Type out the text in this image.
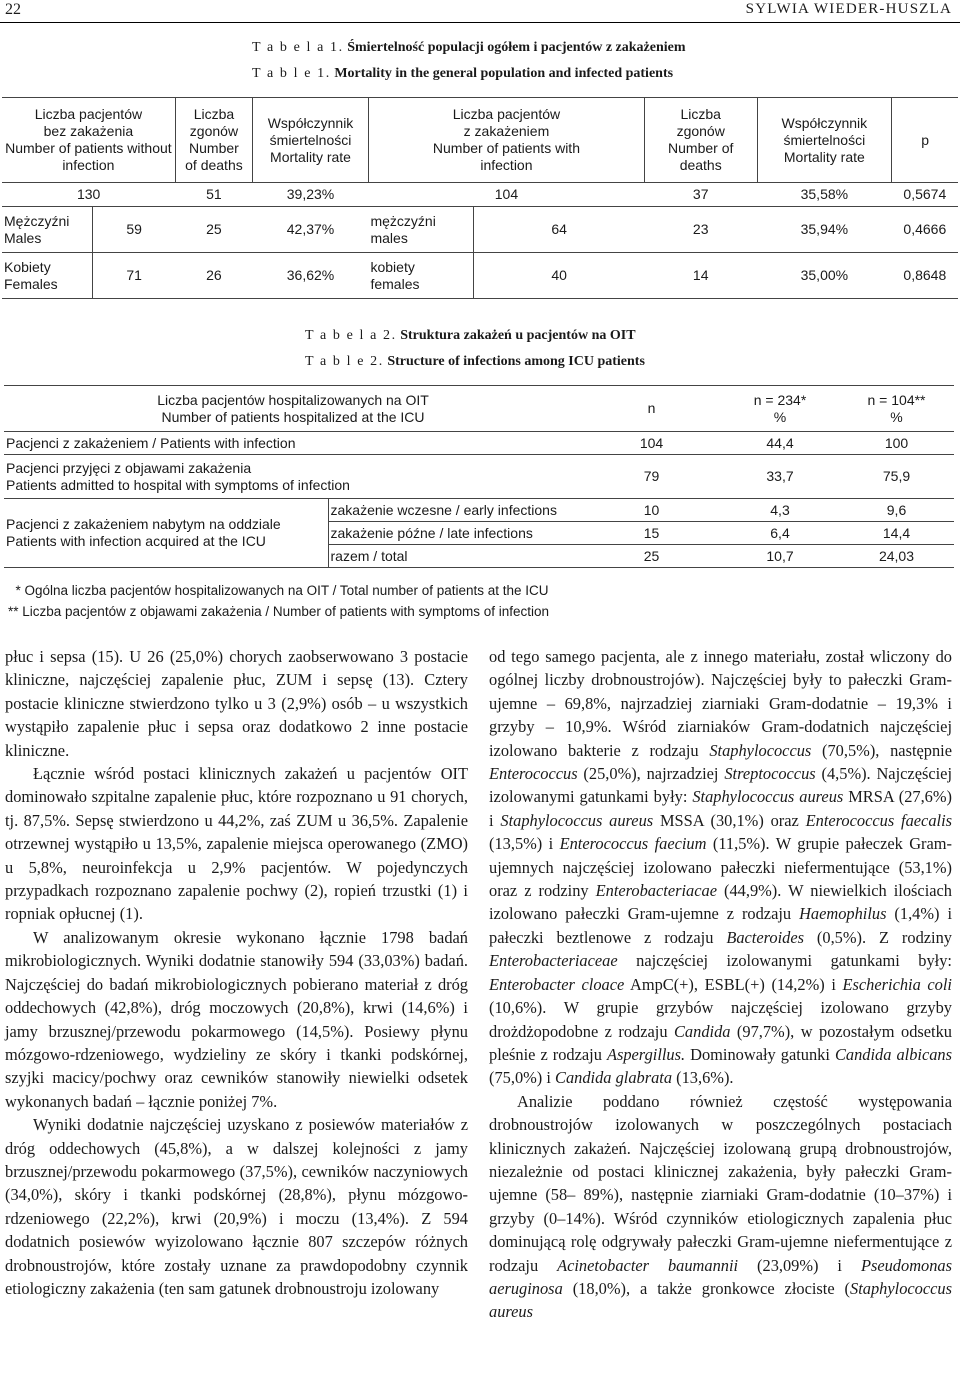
22	SYLWIA WIEDER-HUSZLA
T a b e l a 1. Śmiertelność populacji ogółem i pacjentów z zakażeniem
T a b l e 1. Mortality in the general population and infected patients
Liczba pacjentów
bez zakażenia
Number of patients without
infection		Liczba
zgonów
Number
of deaths	Współczynnik
śmiertelności
Mortality rate	Liczba pacjentów
z zakażeniem
Number of patients with
infection		Liczba
zgonów
Number of
deaths	Współczynnik
śmiertelności
Mortality rate	p
130		51	39,23%	104		37	35,58%	0,5674
Mężczyźni
Males	59	25	42,37%	mężczyźni
males	64	23	35,94%	0,4666
Kobiety
Females	71	26	36,62%	kobiety
females	40	14	35,00%	0,8648
T a b e l a 2. Struktura zakażeń u pacjentów na OIT
T a b l e 2. Structure of infections among ICU patients
Liczba pacjentów hospitalizowanych na OIT
Number of patients hospitalized at the ICU		n	n = 234*
%	n = 104**
%
Pacjenci z zakażeniem / Patients with infection		104	44,4	100
Pacjenci przyjęci z objawami zakażenia
Patients admitted to hospital with symptoms of infection		79	33,7	75,9
Pacjenci z zakażeniem nabytym na oddziale
Patients with infection acquired at the ICU	zakażenie wczesne / early infections	10	4,3	9,6
	zakażenie późne / late infections	15	6,4	14,4
	razem / total	25	10,7	24,03
* Ogólna liczba pacjentów hospitalizowanych na OIT / Total number of patients at the ICU
** Liczba pacjentów z objawami zakażenia / Number of patients with symptoms of infection

płuc i sepsa (15). U 26 (25,0%) chorych zaobserwowano 3 postacie kliniczne, najczęściej zapalenie płuc, ZUM i sepsę (13). Cztery postacie kliniczne stwierdzono tylko u 3 (2,9%) osób – u wszystkich wystąpiło zapalenie płuc i sepsa oraz dodatkowo 2 inne postacie kliniczne.

Łącznie wśród postaci klinicznych zakażeń u pacjentów OIT dominowało szpitalne zapalenie płuc, które rozpoznano u 91 chorych, tj. 87,5%. Sepsę stwierdzono u 44,2%, zaś ZUM u 36,5%. Zapalenie otrzewnej wystąpiło u 13,5%, zapalenie miejsca operowanego (ZMO) u 5,8%, neuroinfekcja u 2,9% pacjentów. W pojedynczych przypadkach rozpoznano zapalenie pochwy (2), ropień trzustki (1) i ropniak opłucnej (1).

W analizowanym okresie wykonano łącznie 1798 badań mikrobiologicznych. Wyniki dodatnie stanowiły 594 (33,03%) badań. Najczęściej do badań mikrobiologicznych pobierano materiał z dróg oddechowych (42,8%), dróg moczowych (20,8%), krwi (14,6%) i jamy brzusznej/przewodu pokarmowego (14,5%). Posiewy płynu mózgowo-rdzeniowego, wydzieliny ze skóry i tkanki podskórnej, szyjki macicy/pochwy oraz cewników stanowiły niewielki odsetek wykonanych badań – łącznie poniżej 7%.

Wyniki dodatnie najczęściej uzyskano z posiewów materiałów z dróg oddechowych (45,8%), a w dalszej kolejności z jamy brzusznej/przewodu pokarmowego (37,5%), cewników naczyniowych (34,0%), skóry i tkanki podskórnej (28,8%), płynu mózgowo-rdzeniowego (22,2%), krwi (20,9%) i moczu (13,4%). Z 594 dodatnich posiewów wyizolowano łącznie 807 szczepów różnych drobnoustrojów, które zostały uznane za prawdopodobny czynnik etiologiczny zakażenia (ten sam gatunek drobnoustroju izolowany

od tego samego pacjenta, ale z innego materiału, został wliczony do ogólnej liczby drobnoustrojów). Najczęściej były to pałeczki Gram-ujemne – 69,8%, najrzadziej ziarniaki Gram-dodatnie – 19,3% i grzyby – 10,9%. Wśród ziarniaków Gram-dodatnich najczęściej izolowano bakterie z rodzaju Staphylococcus (70,5%), następnie Enterococcus (25,0%), najrzadziej Streptococcus (4,5%). Najczęściej izolowanymi gatunkami były: Staphylococcus aureus MRSA (27,6%) i Staphylococcus aureus MSSA (30,1%) oraz Enterococcus faecalis (13,5%) i Enterococcus faecium (11,5%). W grupie pałeczek Gram-ujemnych najczęściej izolowano pałeczki niefermentujące (53,1%) oraz z rodziny Enterobacteriacae (44,9%). W niewielkich ilościach izolowano pałeczki Gram-ujemne z rodzaju Haemophilus (1,4%) i pałeczki beztlenowe z rodzaju Bacteroides (0,5%). Z rodziny Enterobacteriaceae najczęściej izolowanymi gatunkami były: Enterobacter cloace AmpC(+), ESBL(+) (14,2%) i Escherichia coli (10,6%). W grupie grzybów najczęściej izolowano grzyby drożdżopodobne z rodzaju Candida (97,7%), w pozostałym odsetku pleśnie z rodzaju Aspergillus. Dominowały gatunki Candida albicans (75,0%) i Candida glabrata (13,6%).

Analizie poddano również częstość występowania drobnoustrojów izolowanych w poszczególnych postaciach klinicznych zakażeń. Najczęściej izolowaną grupą drobnoustrojów, niezależnie od postaci klinicznej zakażenia, były pałeczki Gram-ujemne (58– 89%), następnie ziarniaki Gram-dodatnie (10–37%) i grzyby (0–14%). Wśród czynników etiologicznych zapalenia płuc dominującą rolę odgrywały pałeczki Gram-ujemne niefermentujące z rodzaju Acinetobacter baumannii (23,09%) i Pseudomonas aeruginosa (18,0%), a także gronkowce złociste (Staphylococcus aureus
